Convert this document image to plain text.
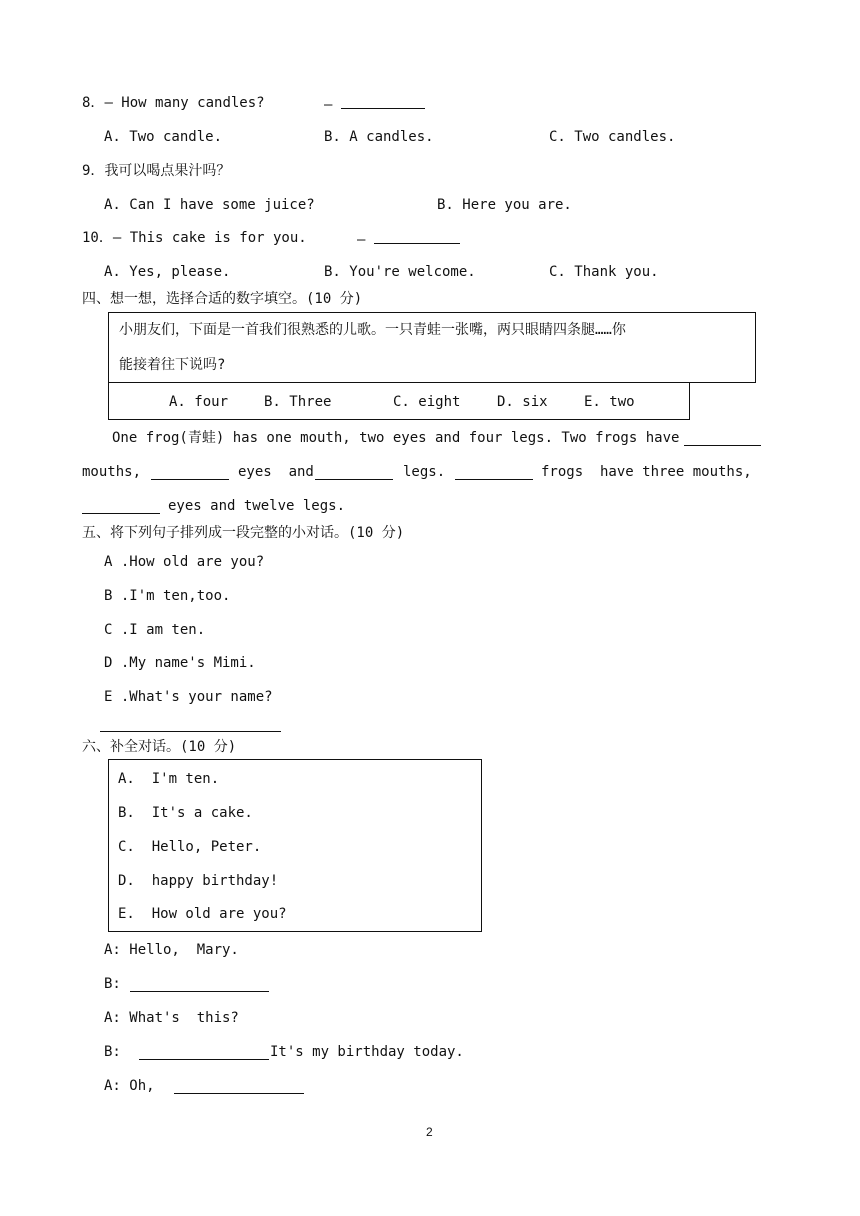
8．— How many candles?	—
A. Two candle.	B. A candles.	C. Two candles.
9．我可以喝点果汁吗？
A. Can I have some juice?	B. Here you are.
10．— This cake is for you.	—
A. Yes, please.	B. You're welcome.	C. Thank you.
四、想一想，选择合适的数字填空。(10 分)
小朋友们，下面是一首我们很熟悉的儿歌。一只青蛙一张嘴，两只眼睛四条腿……你
能接着往下说吗?
A. four	B. Three	C. eight	D. six	E. two
One frog(青蛙) has one mouth, two eyes and four legs. Two frogs have
mouths,	eyes  and	legs.	frogs  have three mouths,
eyes and twelve legs.
五、将下列句子排列成一段完整的小对话。(10 分)
A .How old are you?
B .I'm ten,too.
C .I am ten.
D .My name's Mimi.
E .What's your name?
六、补全对话。(10 分)
A.  I'm ten.
B.  It's a cake.
C.  Hello, Peter.
D.  happy birthday!
E.  How old are you?
A: Hello,  Mary.
B:
A: What's  this?
B:	It's my birthday today.
A: Oh,
2
